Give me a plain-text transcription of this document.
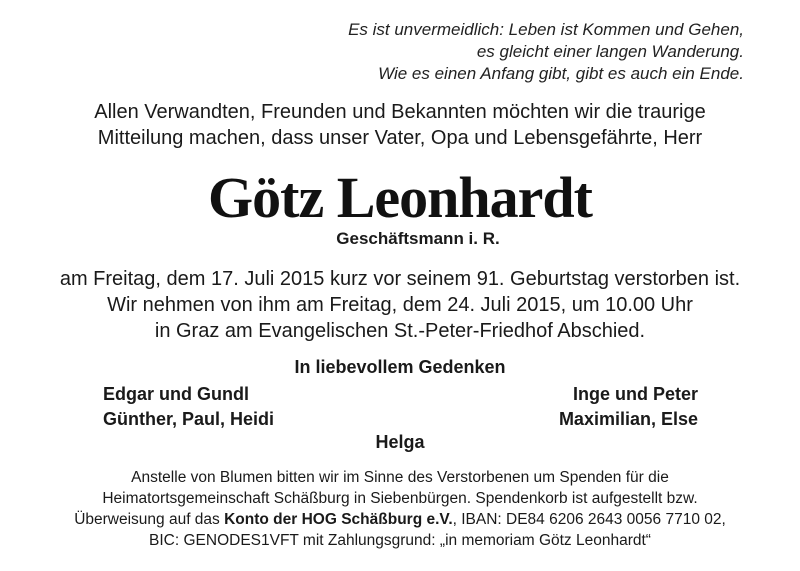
Es ist unvermeidlich: Leben ist Kommen und Gehen,
es gleicht einer langen Wanderung.
Wie es einen Anfang gibt, gibt es auch ein Ende.
Allen Verwandten, Freunden und Bekannten möchten wir die traurige
Mitteilung machen, dass unser Vater, Opa und Lebensgefährte, Herr
Götz Leonhardt
Geschäftsmann i. R.
am Freitag, dem 17. Juli 2015 kurz vor seinem 91. Geburtstag verstorben ist.
Wir nehmen von ihm am Freitag, dem 24. Juli 2015, um 10.00 Uhr
in Graz am Evangelischen St.-Peter-Friedhof Abschied.
In liebevollem Gedenken
Edgar und Gundl
Günther, Paul, Heidi
Inge und Peter
Maximilian, Else
Helga
Anstelle von Blumen bitten wir im Sinne des Verstorbenen um Spenden für die
Heimatortsgemeinschaft Schäßburg in Siebenbürgen. Spendenkorb ist aufgestellt bzw.
Überweisung auf das Konto der HOG Schäßburg e.V., IBAN: DE84 6206 2643 0056 7710 02,
BIC: GENODES1VFT mit Zahlungsgrund: „in memoriam Götz Leonhardt“
